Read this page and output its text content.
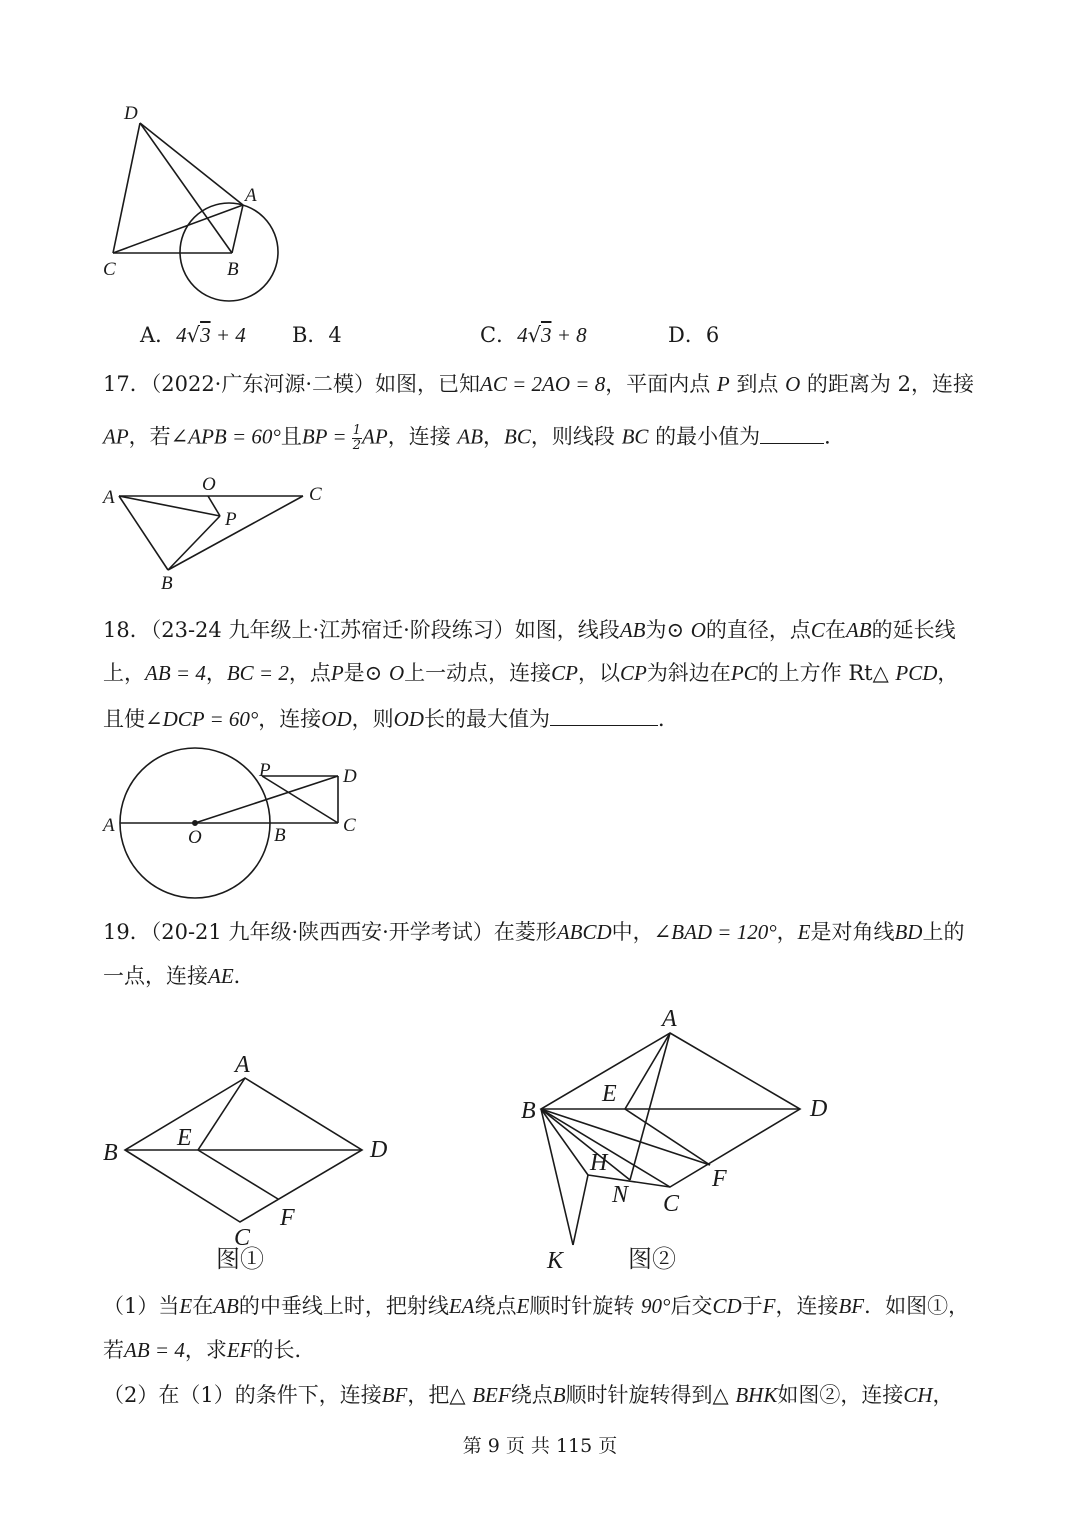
D
A
C	B
A．4√3 + 4 B．4	C．4√3 + 8	D．6
17．（2022·广东河源·二模）如图，已知AC = 2AO = 8，平面内点 P 到点 O 的距离为 2，连接
AP，若∠APB = 60°且BP = $\frac{1}{2}$ AP，连接 AB，BC，则线段 BC 的最小值为	．
A
O	C
P
B
18．（23-24 九年级上·江苏宿迁·阶段练习）如图，线段AB为⊙ O的直径，点C在AB的延长线
上，AB = 4，BC = 2，点P是⊙ O上一动点，连接CP，以CP为斜边在PC的上方作 Rt△ PCD，
且使∠DCP = 60°，连接OD，则OD长的最大值为	．
P	D
A
O	B	C
19．（20-21 九年级·陕西西安·开学考试）在菱形ABCD中，∠BAD = 120°，E是对角线BD上的
一点，连接AE．
A
B
E	D
F
C
图①
A
B
E
D
H
F
N C
K	图②
（1）当E在AB的中垂线上时，把射线EA绕点E顺时针旋转 90°后交CD于F，连接BF．如图①，
若AB = 4，求EF的长．
（2）在（1）的条件下，连接BF，把△ BEF绕点B顺时针旋转得到△ BHK如图②，连接CH，
第 9 页 共 115 页
